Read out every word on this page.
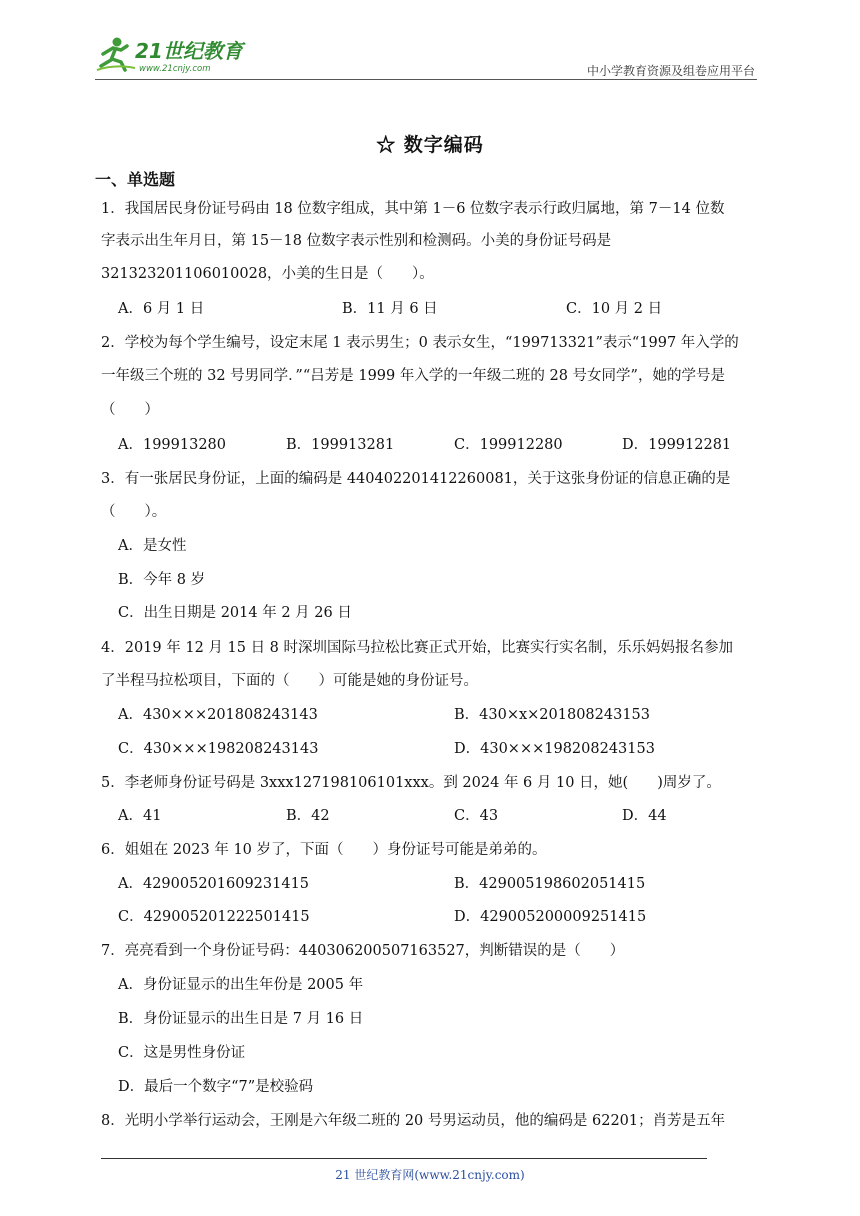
21世纪教育
www.21cnjy.com	中小学教育资源及组卷应用平台
☆ 数字编码
一、单选题
1．我国居民身份证号码由 18 位数字组成，其中第 1－6 位数字表示行政归属地，第 7－14 位数
字表示出生年月日，第 15－18 位数字表示性别和检测码。小美的身份证号码是
321323201106010028，小美的生日是（　　）。
A．6 月 1 日	B．11 月 6 日	C．10 月 2 日
2．学校为每个学生编号，设定末尾 1 表示男生；0 表示女生，“199713321”表示“1997 年入学的
一年级三个班的 32 号男同学．”“吕芳是 1999 年入学的一年级二班的 28 号女同学”，她的学号是
（　　）
A．199913280	B．199913281	C．199912280	D．199912281
3．有一张居民身份证，上面的编码是 440402201412260081，关于这张身份证的信息正确的是
（　　）。
A．是女性
B．今年 8 岁
C．出生日期是 2014 年 2 月 26 日
4．2019 年 12 月 15 日 8 时深圳国际马拉松比赛正式开始，比赛实行实名制，乐乐妈妈报名参加
了半程马拉松项目，下面的（　　）可能是她的身份证号。
A．430×××201808243143	B．430×x×201808243153
C．430×××198208243143	D．430×××198208243153
5．李老师身份证号码是 3xxx127198106101xxx。到 2024 年 6 月 10 日，她(　　)周岁了。
A．41	B．42	C．43	D．44
6．姐姐在 2023 年 10 岁了，下面（　　）身份证号可能是弟弟的。
A．429005201609231415	B．429005198602051415
C．429005201222501415	D．429005200009251415
7．亮亮看到一个身份证号码：440306200507163527，判断错误的是（　　）
A．身份证显示的出生年份是 2005 年
B．身份证显示的出生日是 7 月 16 日
C．这是男性身份证
D．最后一个数字“7”是校验码
8．光明小学举行运动会，王刚是六年级二班的 20 号男运动员，他的编码是 62201；肖芳是五年
21 世纪教育网(www.21cnjy.com)
